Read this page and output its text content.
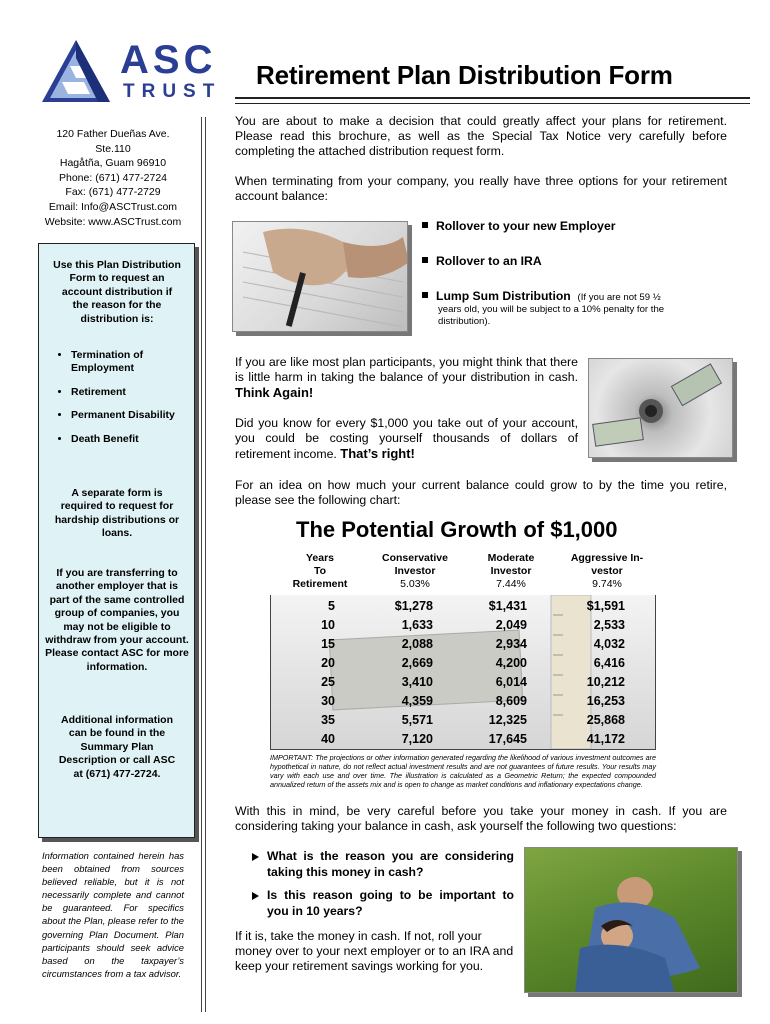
ASC
TRUST
Retirement Plan Distribution Form
120 Father Dueñas Ave.
Ste.110
Hagåtña, Guam 96910
Phone: (671) 477-2724
Fax: (671) 477-2729
Email: Info@ASCTrust.com
Website: www.ASCTrust.com
Use this Plan Distribution Form to request an account distribution if the reason for the distribution is:
• Termination of Employment
• Retirement
• Permanent Disability
• Death Benefit
A separate form is required to request for hardship distributions or loans.
If you are transferring to another employer that is part of the same controlled group of companies, you may not be eligible to withdraw from your account. Please contact ASC for more information.
Additional information can be found in the Summary Plan Description or call ASC at (671) 477-2724.
Information contained herein has been obtained from sources believed reliable, but it is not necessarily complete and cannot be guaranteed. For specifics about the Plan, please refer to the governing Plan Document. Plan participants should seek advice based on the taxpayer’s circumstances from a tax advisor.
You are about to make a decision that could greatly affect your plans for retirement. Please read this brochure, as well as the Special Tax Notice very carefully before completing the attached distribution request form.
When terminating from your company, you really have three options for your retirement account balance:
Rollover to your new Employer
Rollover to an IRA
Lump Sum Distribution (If you are not 59 ½
years old, you will be subject to a 10% penalty for the distribution).
If you are like most plan participants, you might think that there is little harm in taking the balance of your distribution in cash. Think Again!
Did you know for every $1,000 you take out of your account, you could be costing yourself thousands of dollars of retirement income. That’s right!
For an idea on how much your current balance could grow to by the time you retire, please see the following chart:
The Potential Growth of $1,000
Years
To
Retirement
Conservative
Investor
5.03%
Moderate
Investor
7.44%
Aggressive In-
vestor
9.74%
5	$1,278	$1,431	$1,591
10	1,633	2,049	2,533
15	2,088	2,934	4,032
20	2,669	4,200	6,416
25	3,410	6,014	10,212
30	4,359	8,609	16,253
35	5,571	12,325	25,868
40	7,120	17,645	41,172
IMPORTANT: The projections or other information generated regarding the likelihood of various investment outcomes are hypothetical in nature, do not reflect actual investment results and are not guarantees of future results. Your results may vary with each use and over time. The illustration is calculated as a Geometric Return; the expected compounded annualized return of the assets mix and is open to change as market conditions and inflationary expectations change.
With this in mind, be very careful before you take your money in cash. If you are considering taking your balance in cash, ask yourself the following two questions:
What is the reason you are considering taking this money in cash?
Is this reason going to be important to you in 10 years?
If it is, take the money in cash. If not, roll your money over to your next employer or to an IRA and keep your retirement savings working for you.
